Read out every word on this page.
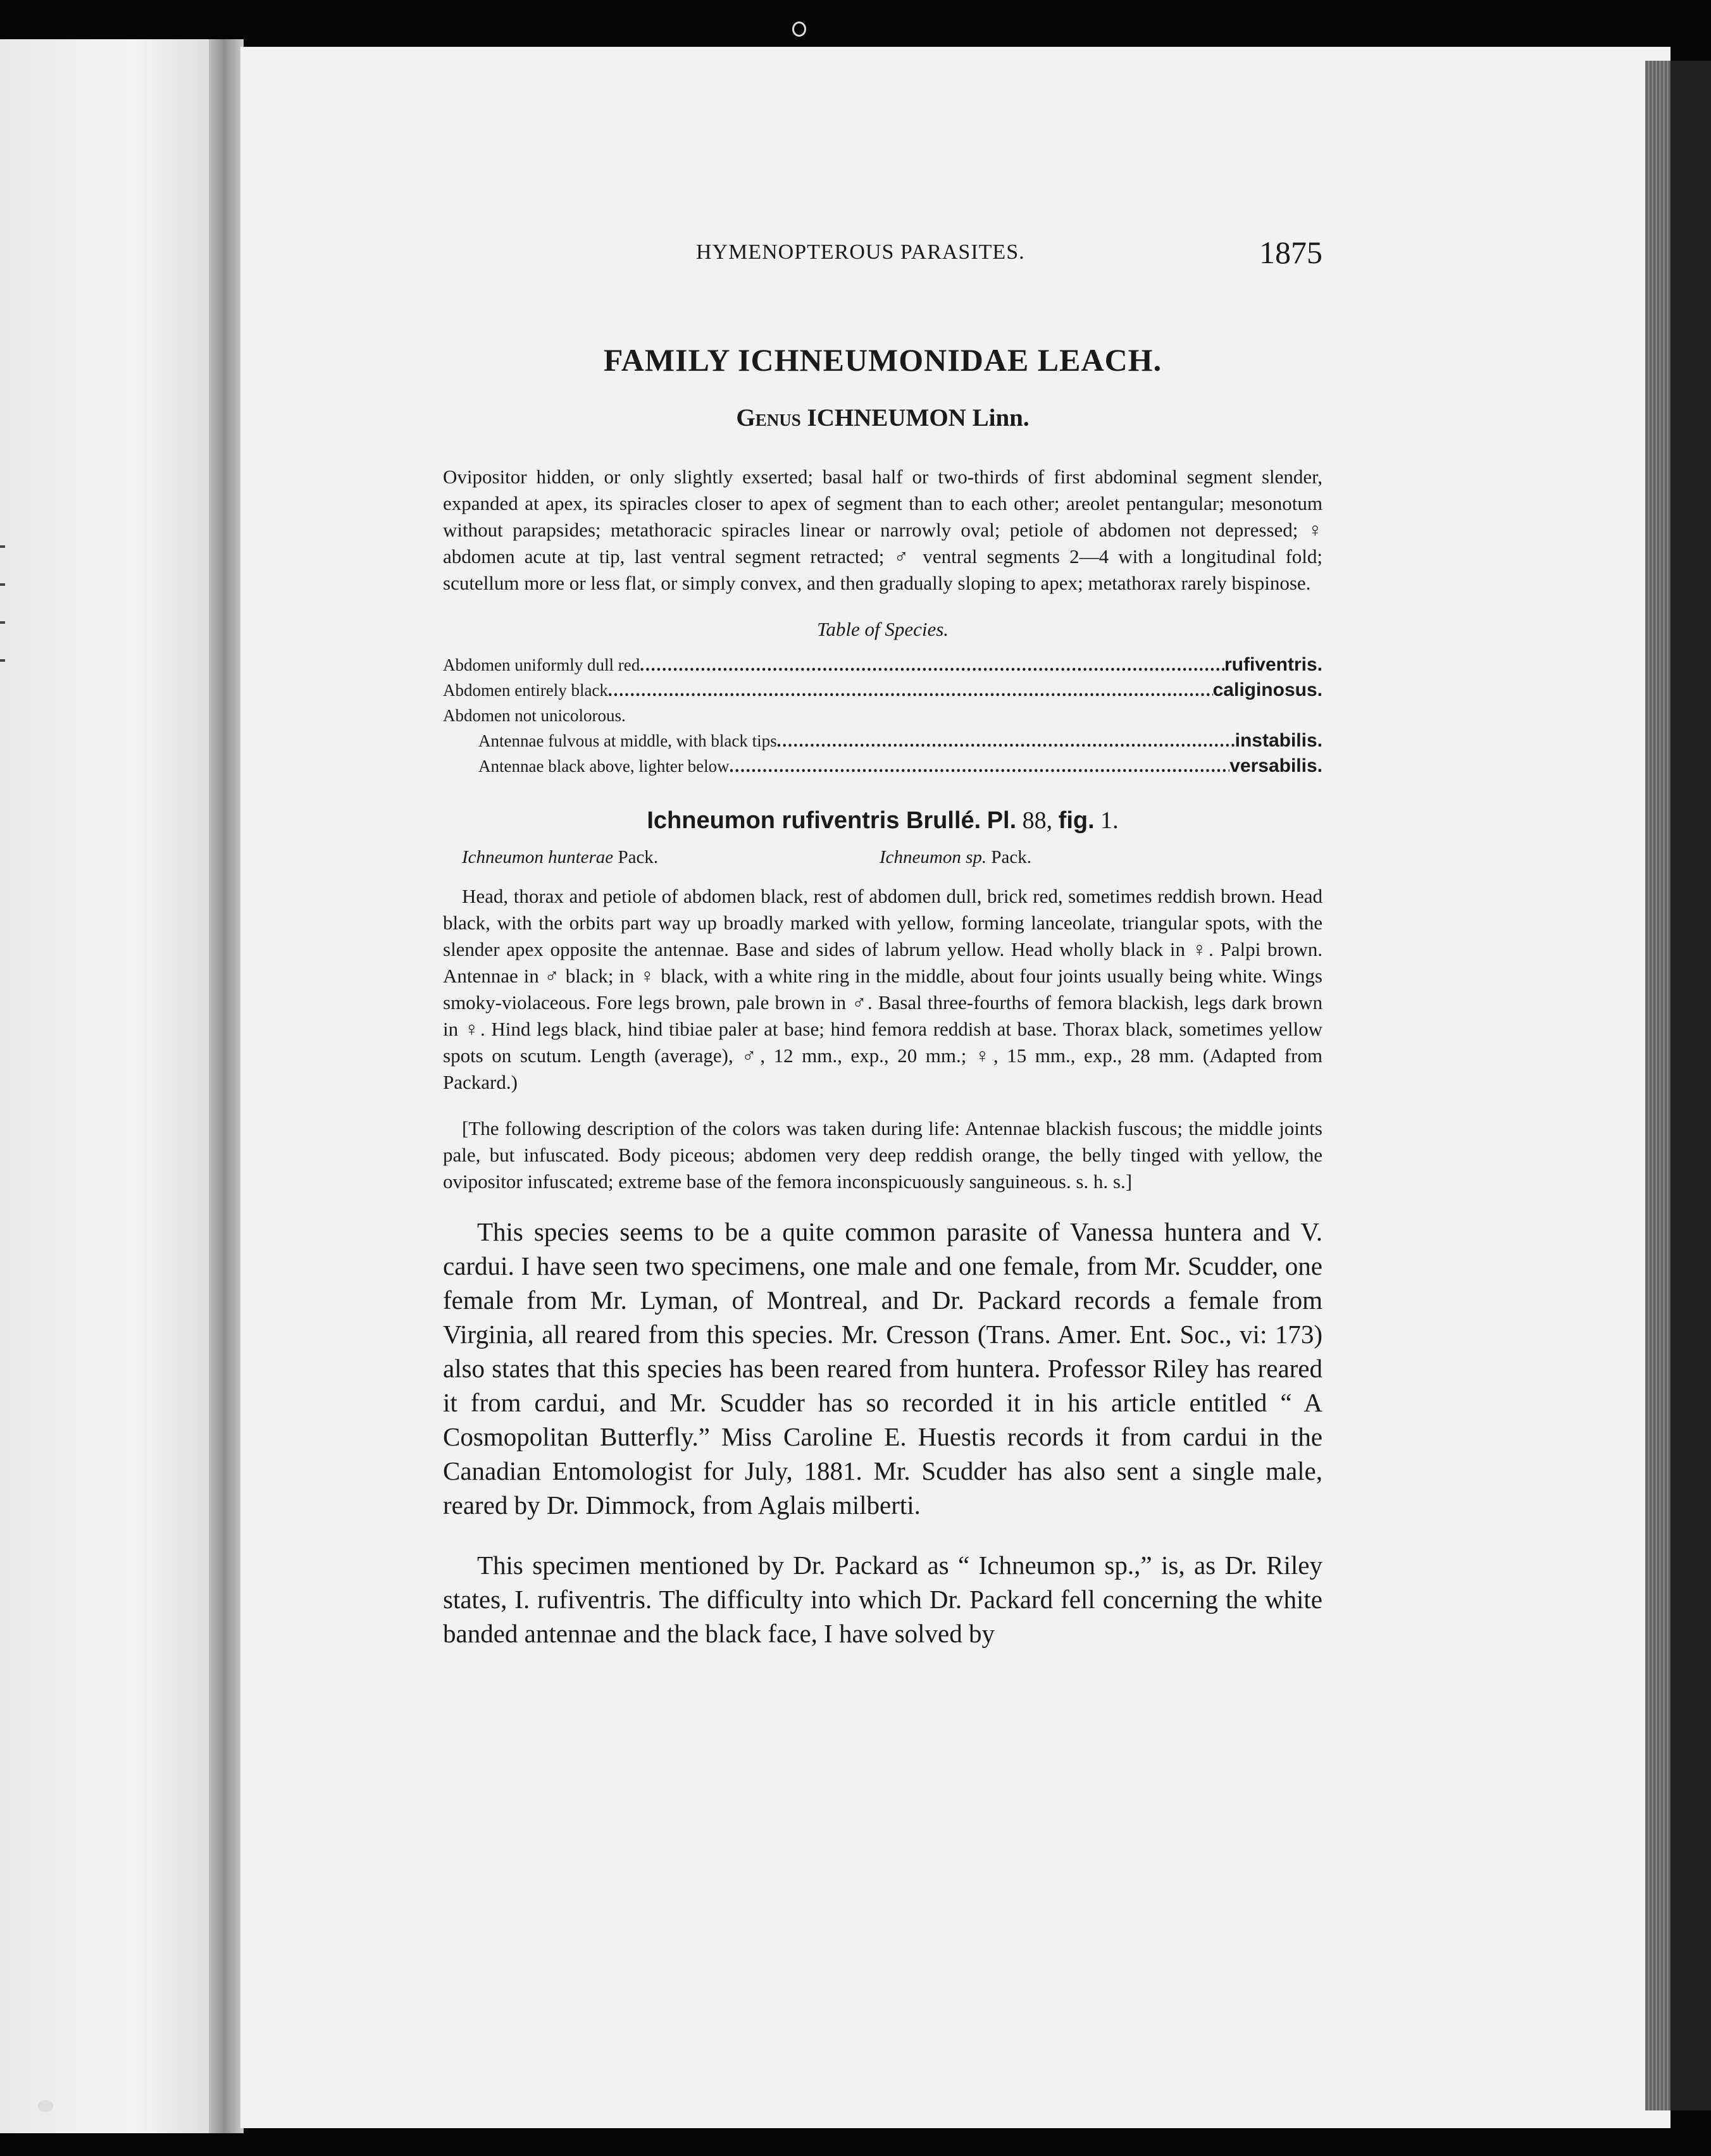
HYMENOPTEROUS PARASITES.	1875
FAMILY ICHNEUMONIDAE LEACH.
Genus ICHNEUMON Linn.

Ovipositor hidden, or only slightly exserted; basal half or two-thirds of first abdominal segment slender, expanded at apex, its spiracles closer to apex of segment than to each other; areolet pentangular; mesonotum without parapsides; metathoracic spiracles linear or narrowly oval; petiole of abdomen not depressed; ♀ abdomen acute at tip, last ventral segment retracted; ♂ ventral segments 2—4 with a longitudinal fold; scutellum more or less flat, or simply convex, and then gradually sloping to apex; metathorax rarely bispinose.

Table of Species.
Abdomen uniformly dull red .....	rufiventris.
Abdomen entirely black .....	caliginosus.
Abdomen not unicolorous.
Antennae fulvous at middle, with black tips .....	instabilis.
Antennae black above, lighter below .....	versabilis.
Ichneumon rufiventris Brullé. Pl. 88, fig. 1.
Ichneumon hunterae Pack.	Ichneumon sp. Pack.

Head, thorax and petiole of abdomen black, rest of abdomen dull, brick red, sometimes reddish brown. Head black, with the orbits part way up broadly marked with yellow, forming lanceolate, triangular spots, with the slender apex opposite the antennae. Base and sides of labrum yellow. Head wholly black in ♀. Palpi brown. Antennae in ♂ black; in ♀ black, with a white ring in the middle, about four joints usually being white. Wings smoky-violaceous. Fore legs brown, pale brown in ♂. Basal three-fourths of femora blackish, legs dark brown in ♀. Hind legs black, hind tibiae paler at base; hind femora reddish at base. Thorax black, sometimes yellow spots on scutum. Length (average), ♂, 12 mm., exp., 20 mm.; ♀, 15 mm., exp., 28 mm. (Adapted from Packard.)

[The following description of the colors was taken during life: Antennae blackish fuscous; the middle joints pale, but infuscated. Body piceous; abdomen very deep reddish orange, the belly tinged with yellow, the ovipositor infuscated; extreme base of the femora inconspicuously sanguineous. s. h. s.]

This species seems to be a quite common parasite of Vanessa huntera and V. cardui. I have seen two specimens, one male and one female, from Mr. Scudder, one female from Mr. Lyman, of Montreal, and Dr. Packard records a female from Virginia, all reared from this species. Mr. Cresson (Trans. Amer. Ent. Soc., vi: 173) also states that this species has been reared from huntera. Professor Riley has reared it from cardui, and Mr. Scudder has so recorded it in his article entitled “ A Cosmopolitan Butterfly.” Miss Caroline E. Huestis records it from cardui in the Canadian Entomologist for July, 1881. Mr. Scudder has also sent a single male, reared by Dr. Dimmock, from Aglais milberti.

This specimen mentioned by Dr. Packard as “ Ichneumon sp.,” is, as Dr. Riley states, I. rufiventris. The difficulty into which Dr. Packard fell concerning the white banded antennae and the black face, I have solved by
